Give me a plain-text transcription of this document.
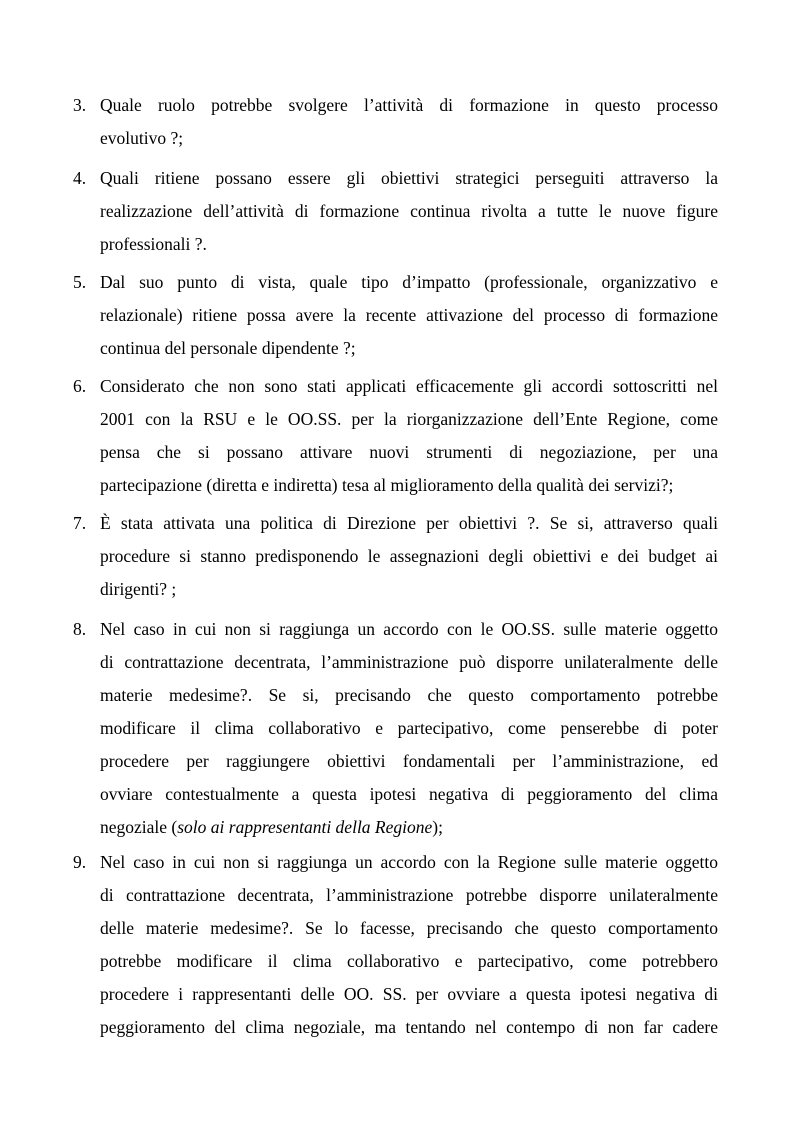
3. Quale ruolo potrebbe svolgere l’attività di formazione in questo processo
evolutivo ?;
4. Quali ritiene possano essere gli obiettivi strategici perseguiti attraverso la
realizzazione dell’attività di formazione continua rivolta a tutte le nuove figure
professionali ?.
5. Dal suo punto di vista, quale tipo d’impatto (professionale, organizzativo e
relazionale) ritiene possa avere la recente attivazione del processo di formazione
continua del personale dipendente ?;
6. Considerato che non sono stati applicati efficacemente gli accordi sottoscritti nel
2001 con la RSU e le OO.SS. per la riorganizzazione dell’Ente Regione, come
pensa che si possano attivare nuovi strumenti di negoziazione, per una
partecipazione (diretta e indiretta) tesa al miglioramento della qualità dei servizi?;
7. È stata attivata una politica di Direzione per obiettivi ?. Se si, attraverso quali
procedure si stanno predisponendo le assegnazioni degli obiettivi e dei budget ai
dirigenti? ;
8. Nel caso in cui non si raggiunga un accordo con le OO.SS. sulle materie oggetto
di contrattazione decentrata, l’amministrazione può disporre unilateralmente delle
materie medesime?. Se si, precisando che questo comportamento potrebbe
modificare il clima collaborativo e partecipativo, come penserebbe di poter
procedere per raggiungere obiettivi fondamentali per l’amministrazione, ed
ovviare contestualmente a questa ipotesi negativa di peggioramento del clima
negoziale (solo ai rappresentanti della Regione);
9. Nel caso in cui non si raggiunga un accordo con la Regione sulle materie oggetto
di contrattazione decentrata, l’amministrazione potrebbe disporre unilateralmente
delle materie medesime?. Se lo facesse, precisando che questo comportamento
potrebbe modificare il clima collaborativo e partecipativo, come potrebbero
procedere i rappresentanti delle OO. SS. per ovviare a questa ipotesi negativa di
peggioramento del clima negoziale, ma tentando nel contempo di non far cadere
